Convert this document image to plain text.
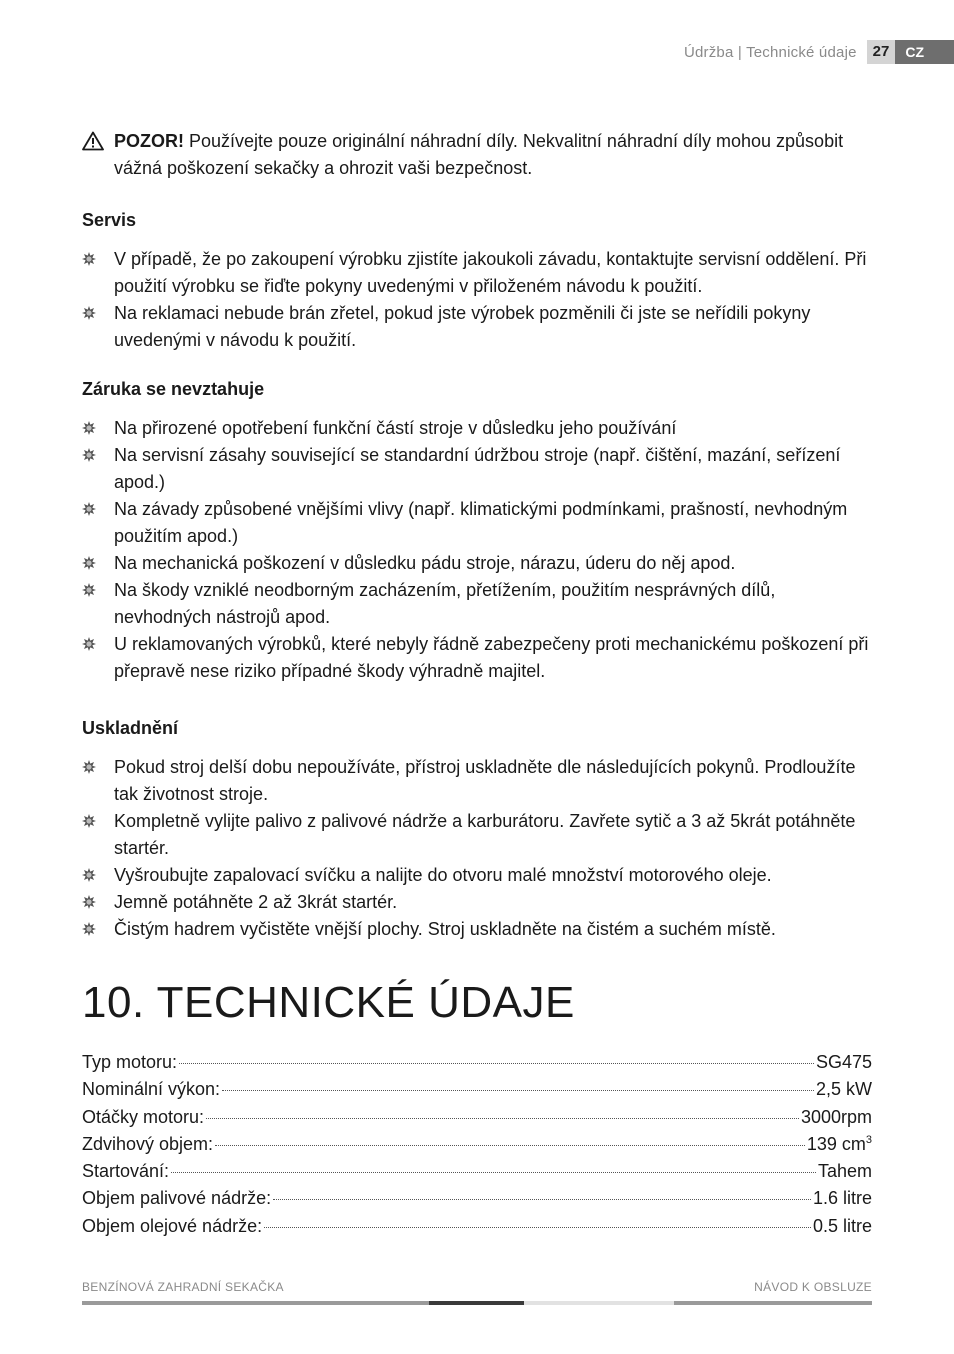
Údržba | Technické údaje	27	CZ
POZOR! Používejte pouze originální náhradní díly. Nekvalitní náhradní díly mohou způsobit vážná poškození sekačky a ohrozit vaši bezpečnost.
Servis
V případě, že po zakoupení výrobku zjistíte jakoukoli závadu, kontaktujte servisní oddělení. Při použití výrobku se řiďte pokyny uvedenými v přiloženém návodu k použití.
Na reklamaci nebude brán zřetel, pokud jste výrobek pozměnili či jste se neřídili pokyny uvedenými v návodu k použití.
Záruka se nevztahuje
Na přirozené opotřebení funkční částí stroje v důsledku jeho používání
Na servisní zásahy související se standardní údržbou stroje (např. čištění, mazání, seřízení apod.)
Na závady způsobené vnějšími vlivy (např. klimatickými podmínkami, prašností, nevhodným použitím apod.)
Na mechanická poškození v důsledku pádu stroje, nárazu, úderu do něj apod.
Na škody vzniklé neodborným zacházením, přetížením, použitím nesprávných dílů, nevhodných nástrojů apod.
U reklamovaných výrobků, které nebyly řádně zabezpečeny proti mechanickému poškození při přepravě nese riziko případné škody výhradně majitel.
Uskladnění
Pokud stroj delší dobu nepoužíváte, přístroj uskladněte dle následujících pokynů. Prodloužíte tak životnost stroje.
Kompletně vylijte palivo z palivové nádrže a karburátoru. Zavřete sytič a 3 až 5krát potáhněte startér.
Vyšroubujte zapalovací svíčku a nalijte do otvoru malé množství motorového oleje.
Jemně potáhněte 2 až 3krát startér.
Čistým hadrem vyčistěte vnější plochy. Stroj uskladněte na čistém a suchém místě.
10. TECHNICKÉ ÚDAJE
Typ motoru:	SG475
Nominální výkon:	2,5 kW
Otáčky motoru:	3000rpm
Zdvihový objem:	139 $cm^3$
Startování:	Tahem
Objem palivové nádrže:	1.6 litre
Objem olejové nádrže:	0.5 litre
BENZÍNOVÁ ZAHRADNÍ SEKAČKA	NÁVOD K OBSLUZE
